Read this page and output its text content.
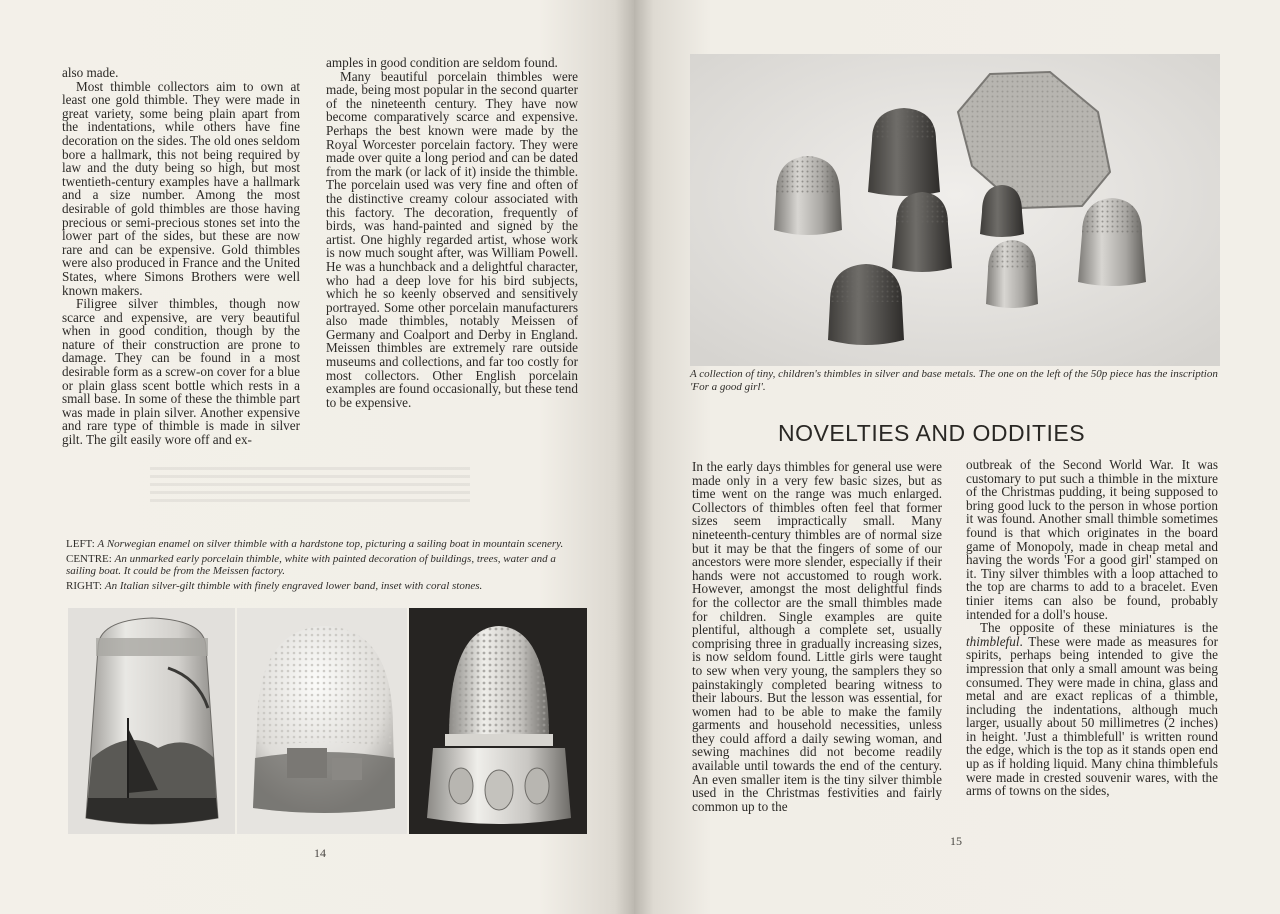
also made.

Most thimble collectors aim to own at least one gold thimble. They were made in great variety, some being plain apart from the indentations, while others have fine decoration on the sides. The old ones seldom bore a hallmark, this not being required by law and the duty being so high, but most twentieth-century examples have a hallmark and a size number. Among the most desirable of gold thimbles are those having precious or semi-precious stones set into the lower part of the sides, but these are now rare and can be expensive. Gold thimbles were also produced in France and the United States, where Simons Brothers were well known makers.

Filigree silver thimbles, though now scarce and expensive, are very beautiful when in good condition, though by the nature of their construction are prone to damage. They can be found in a most desirable form as a screw-on cover for a blue or plain glass scent bottle which rests in a small base. In some of these the thimble part was made in plain silver. Another expensive and rare type of thimble is made in silver gilt. The gilt easily wore off and ex-

amples in good condition are seldom found.

Many beautiful porcelain thimbles were made, being most popular in the second quarter of the nineteenth century. They have now become comparatively scarce and expensive. Perhaps the best known were made by the Royal Worcester porcelain factory. They were made over quite a long period and can be dated from the mark (or lack of it) inside the thimble. The porcelain used was very fine and often of the distinctive creamy colour associated with this factory. The decoration, frequently of birds, was hand-painted and signed by the artist. One highly regarded artist, whose work is now much sought after, was William Powell. He was a hunchback and a delightful character, who had a deep love for his bird subjects, which he so keenly observed and sensitively portrayed. Some other porcelain manufacturers also made thimbles, notably Meissen of Germany and Coalport and Derby in England. Meissen thimbles are extremely rare outside museums and collections, and far too costly for most collectors. Other English porcelain examples are found occasionally, but these tend to be expensive.

LEFT: A Norwegian enamel on silver thimble with a hardstone top, picturing a sailing boat in mountain scenery.
CENTRE: An unmarked early porcelain thimble, white with painted decoration of buildings, trees, water and a sailing boat. It could be from the Meissen factory.
RIGHT: An Italian silver-gilt thimble with finely engraved lower band, inset with coral stones.
14
A collection of tiny, children's thimbles in silver and base metals. The one on the left of the 50p piece has the inscription 'For a good girl'.
NOVELTIES AND ODDITIES

In the early days thimbles for general use were made only in a very few basic sizes, but as time went on the range was much enlarged. Collectors of thimbles often feel that former sizes seem impractically small. Many nineteenth-century thimbles are of normal size but it may be that the fingers of some of our ancestors were more slender, especially if their hands were not accustomed to rough work. However, amongst the most delightful finds for the collector are the small thimbles made for children. Single examples are quite plentiful, although a complete set, usually comprising three in gradually increasing sizes, is now seldom found. Little girls were taught to sew when very young, the samplers they so painstakingly completed bearing witness to their labours. But the lesson was essential, for women had to be able to make the family garments and household necessities, unless they could afford a daily sewing woman, and sewing machines did not become readily available until towards the end of the century. An even smaller item is the tiny silver thimble used in the Christmas festivities and fairly common up to the

outbreak of the Second World War. It was customary to put such a thimble in the mixture of the Christmas pudding, it being supposed to bring good luck to the person in whose portion it was found. Another small thimble sometimes found is that which originates in the board game of Monopoly, made in cheap metal and having the words 'For a good girl' stamped on it. Tiny silver thimbles with a loop attached to the top are charms to add to a bracelet. Even tinier items can also be found, probably intended for a doll's house.

The opposite of these miniatures is the thimbleful. These were made as measures for spirits, perhaps being intended to give the impression that only a small amount was being consumed. They were made in china, glass and metal and are exact replicas of a thimble, including the indentations, although much larger, usually about 50 millimetres (2 inches) in height. 'Just a thimblefull' is written round the edge, which is the top as it stands open end up as if holding liquid. Many china thimblefuls were made in crested souvenir wares, with the arms of towns on the sides,

15
